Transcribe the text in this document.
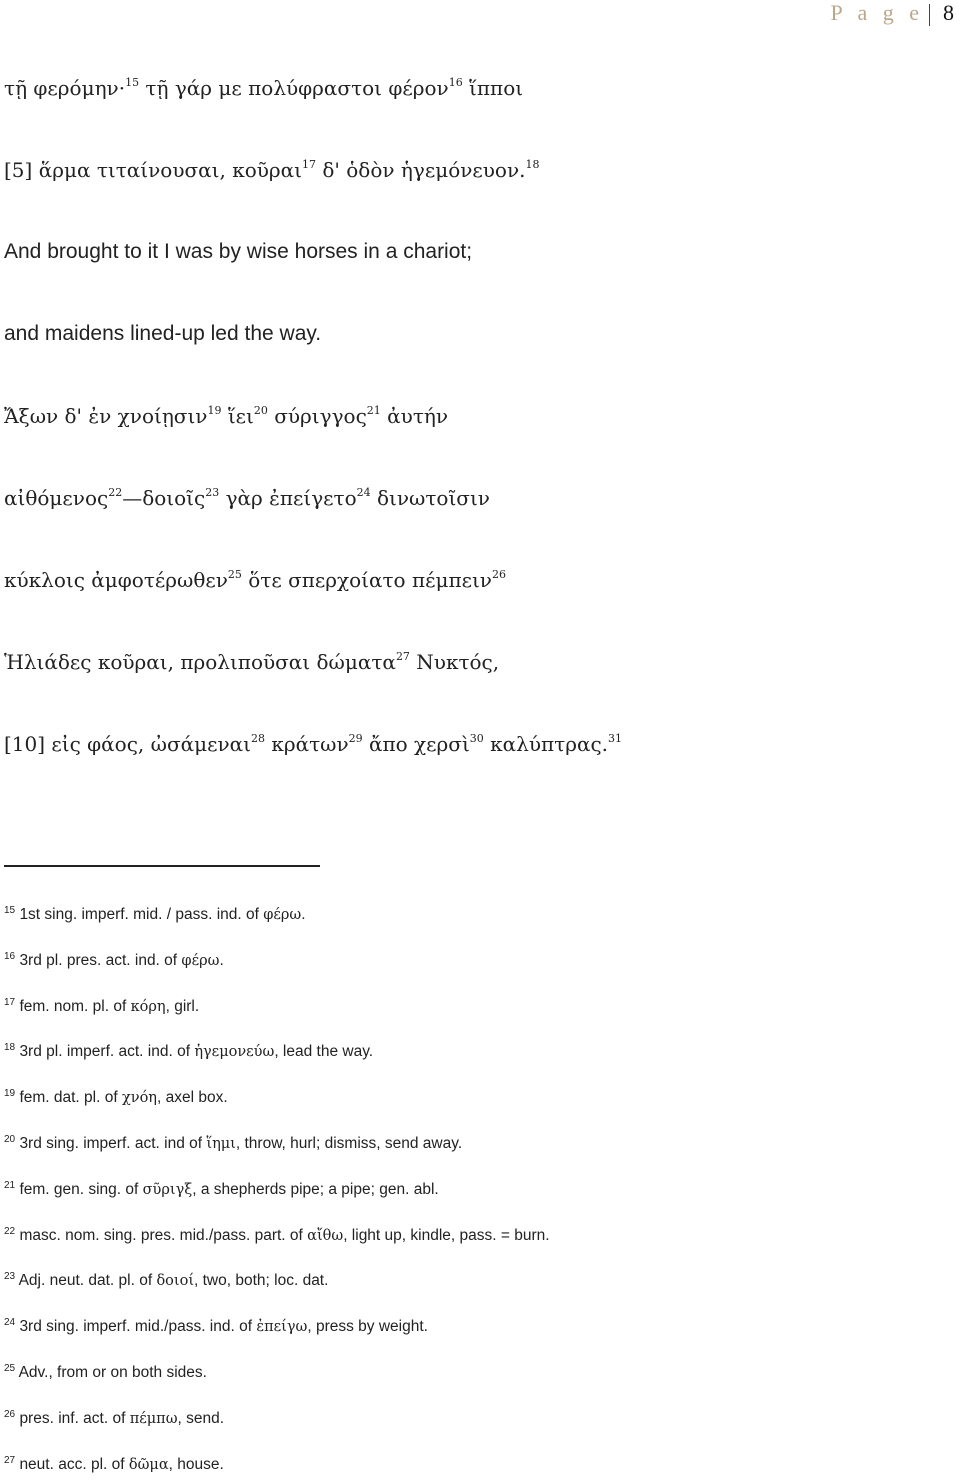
P a g e 8
τῇ φερόμην·$^{15}$ τῇ γάρ με πολύφραστοι φέρον$^{16}$ ἵπποι
[5] ἅρμα τιταίνουσαι, κοῦραι$^{17}$ δ' ὁδὸν ἡγεμόνευον.$^{18}$
And brought to it I was by wise horses in a chariot;
and maidens lined-up led the way.
Ἄξων δ' ἐν χνοίῃσιν$^{19}$ ἵει$^{20}$ σύριγγος$^{21}$ ἀυτήν
αἰθόμενος$^{22}$—δοιοῖς$^{23}$ γὰρ ἐπείγετο$^{24}$ δινωτοῖσιν
κύκλοις ἀμφοτέρωθεν$^{25}$ ὅτε σπερχοίατο πέμπειν$^{26}$
Ἡλιάδες κοῦραι, προλιποῦσαι δώματα$^{27}$ Νυκτός,
[10] εἰς φάος, ὠσάμεναι$^{28}$ κράτων$^{29}$ ἄπο χερσὶ$^{30}$ καλύπτρας.$^{31}$
$^{15}$ 1st sing. imperf. mid. / pass. ind. of φέρω.
$^{16}$ 3rd pl. pres. act. ind. of φέρω.
$^{17}$ fem. nom. pl. of κόρη, girl.
$^{18}$ 3rd pl. imperf. act. ind. of ἡγεμονεύω, lead the way.
$^{19}$ fem. dat. pl. of χνόη, axel box.
$^{20}$ 3rd sing. imperf. act. ind of ἵημι, throw, hurl; dismiss, send away.
$^{21}$ fem. gen. sing. of σῦριγξ, a shepherds pipe; a pipe; gen. abl.
$^{22}$ masc. nom. sing. pres. mid./pass. part. of αἴθω, light up, kindle, pass. = burn.
$^{23}$ Adj. neut. dat. pl. of δοιοί, two, both; loc. dat.
$^{24}$ 3rd sing. imperf. mid./pass. ind. of ἐπείγω, press by weight.
$^{25}$ Adv., from or on both sides.
$^{26}$ pres. inf. act. of πέμπω, send.
$^{27}$ neut. acc. pl. of δῶμα, house.
